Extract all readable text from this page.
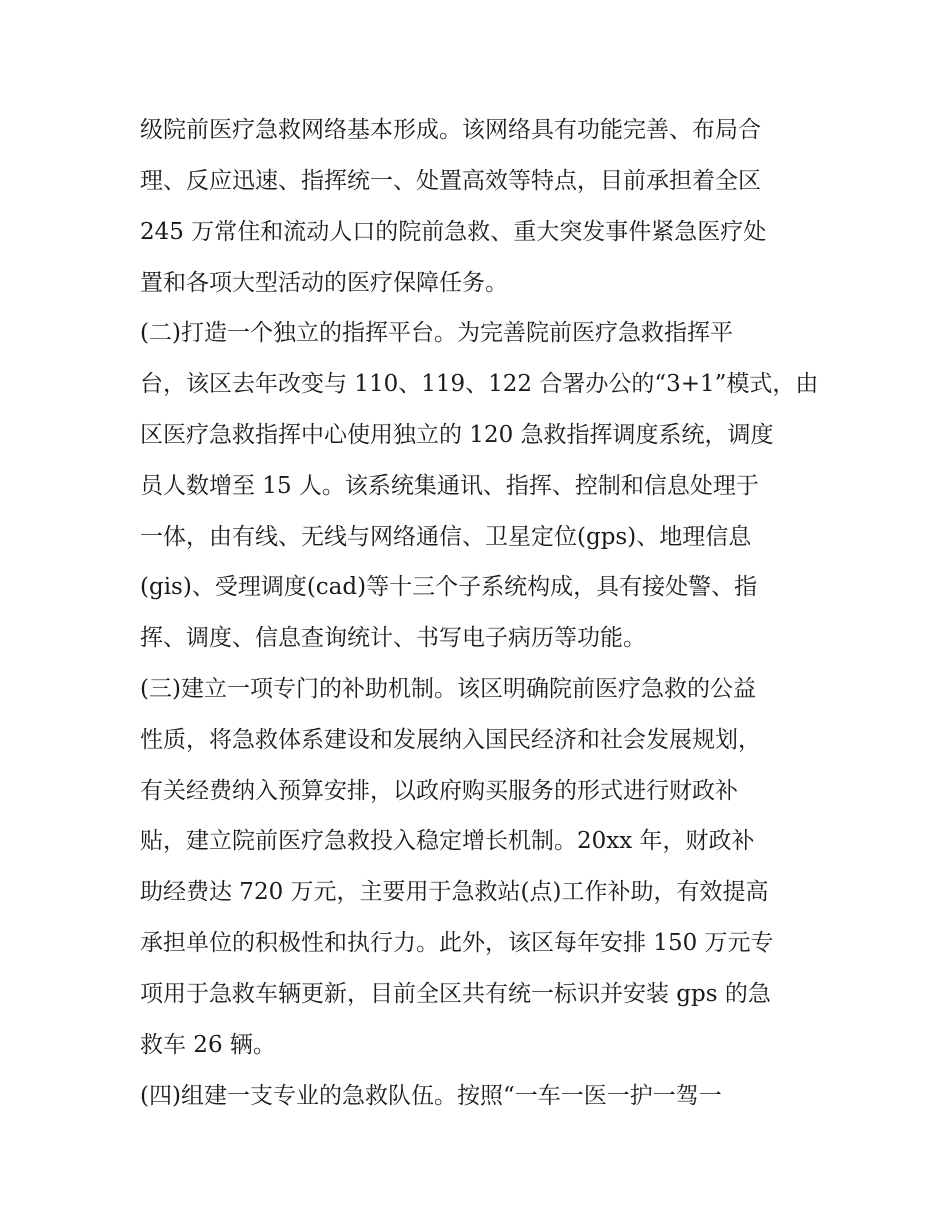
级院前医疗急救网络基本形成。该网络具有功能完善、布局合
理、反应迅速、指挥统一、处置高效等特点，目前承担着全区
245 万常住和流动人口的院前急救、重大突发事件紧急医疗处
置和各项大型活动的医疗保障任务。
(二)打造一个独立的指挥平台。为完善院前医疗急救指挥平
台，该区去年改变与 110、119、122 合署办公的“3+1”模式，由
区医疗急救指挥中心使用独立的 120 急救指挥调度系统，调度
员人数增至 15 人。该系统集通讯、指挥、控制和信息处理于
一体，由有线、无线与网络通信、卫星定位(gps)、地理信息
(gis)、受理调度(cad)等十三个子系统构成，具有接处警、指
挥、调度、信息查询统计、书写电子病历等功能。
(三)建立一项专门的补助机制。该区明确院前医疗急救的公益
性质，将急救体系建设和发展纳入国民经济和社会发展规划，
有关经费纳入预算安排，以政府购买服务的形式进行财政补
贴，建立院前医疗急救投入稳定增长机制。20xx 年，财政补
助经费达 720 万元，主要用于急救站(点)工作补助，有效提高
承担单位的积极性和执行力。此外，该区每年安排 150 万元专
项用于急救车辆更新，目前全区共有统一标识并安装 gps 的急
救车 26 辆。
(四)组建一支专业的急救队伍。按照“一车一医一护一驾一
